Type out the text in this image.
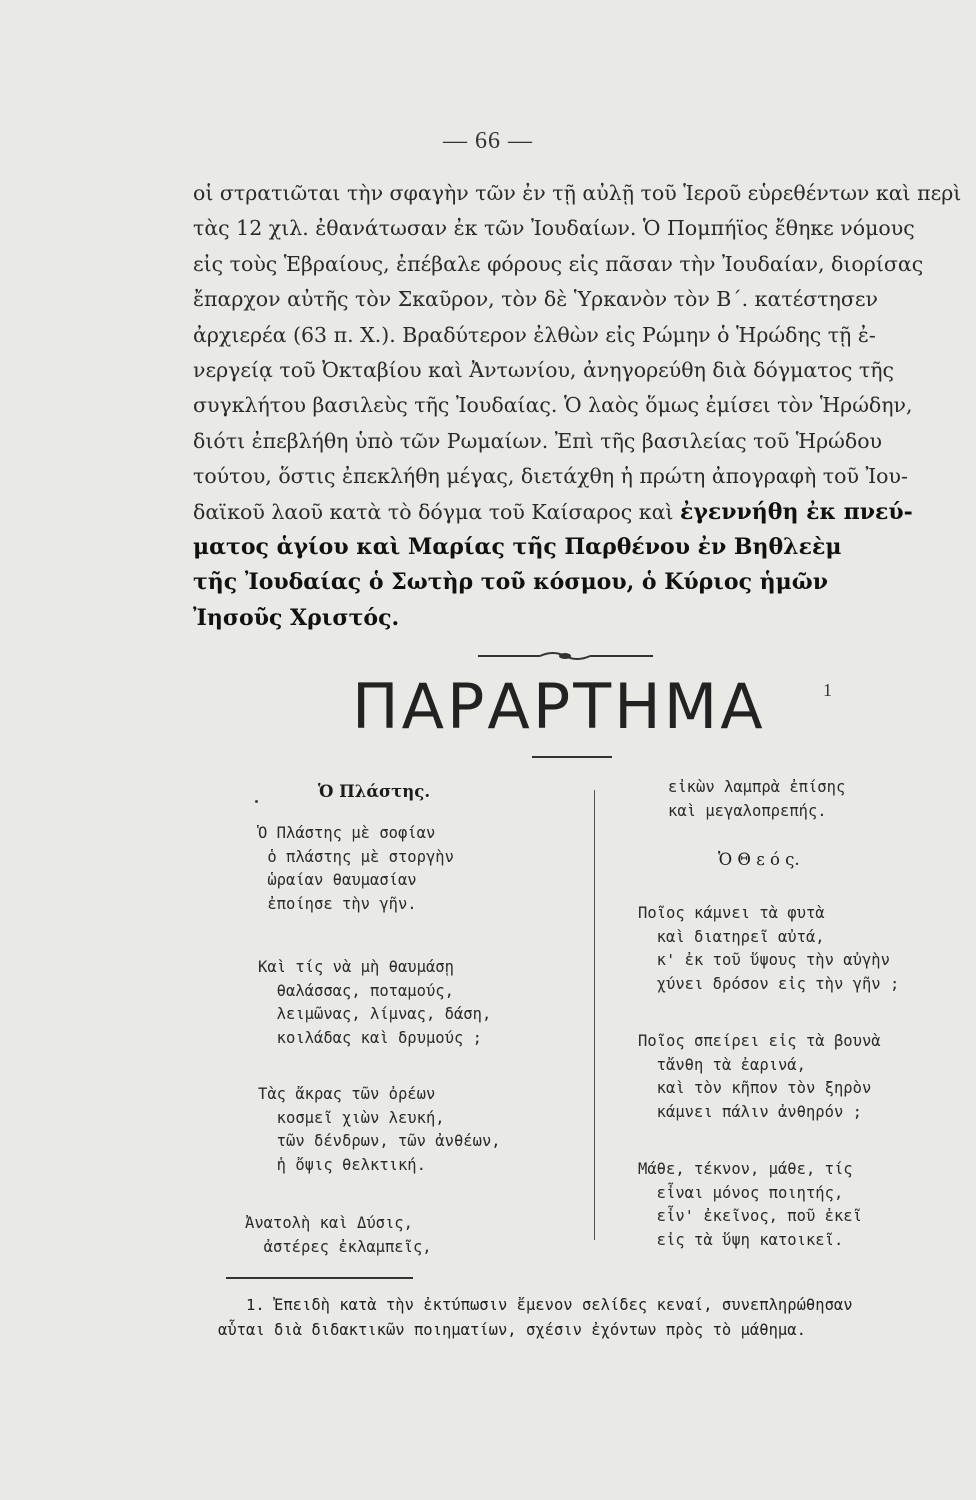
— 66 —
οἱ στρατιῶται τὴν σφαγὴν τῶν ἐν τῇ αὐλῇ τοῦ Ἱεροῦ εὑρεθέντων καὶ περὶ
τὰς 12 χιλ. ἐθανάτωσαν ἐκ τῶν Ἰουδαίων. Ὁ Πομπήϊος ἔθηκε νόμους
εἰς τοὺς Ἑβραίους, ἐπέβαλε φόρους εἰς πᾶσαν τὴν Ἰουδαίαν, διορίσας
ἔπαρχον αὐτῆς τὸν Σκαῦρον, τὸν δὲ Ὑρκανὸν τὸν Β΄. κατέστησεν
ἀρχιερέα (63 π. Χ.). Βραδύτερον ἐλθὼν εἰς Ρώμην ὁ Ἡρώδης τῇ ἐ-
νεργείᾳ τοῦ Ὀκταβίου καὶ Ἀντωνίου, ἀνηγορεύθη διὰ δόγματος τῆς
συγκλήτου βασιλεὺς τῆς Ἰουδαίας. Ὁ λαὸς ὅμως ἐμίσει τὸν Ἡρώδην,
διότι ἐπεβλήθη ὑπὸ τῶν Ρωμαίων. Ἐπὶ τῆς βασιλείας τοῦ Ἡρώδου
τούτου, ὅστις ἐπεκλήθη μέγας, διετάχθη ἡ πρώτη ἀπογραφὴ τοῦ Ἰου-
δαϊκοῦ λαοῦ κατὰ τὸ δόγμα τοῦ Καίσαρος καὶ ἐγεννήθη ἐκ πνεύ-
ματος ἁγίου καὶ Μαρίας τῆς Παρθένου ἐν Βηθλεὲμ
τῆς Ἰουδαίας ὁ Σωτὴρ τοῦ κόσμου, ὁ Κύριος ἡμῶν
Ἰησοῦς Χριστός.
ΠΑΡΑΡΤΗΜΑ	1
Ὁ Πλάστης.
Ὁ Πλάστης μὲ σοφίαν
ὁ πλάστης μὲ στοργὴν
ὡραίαν θαυμασίαν
ἐποίησε τὴν γῆν.
Καὶ τίς νὰ μὴ θαυμάσῃ
θαλάσσας, ποταμούς,
λειμῶνας, λίμνας, δάση,
κοιλάδας καὶ δρυμούς ;
Τὰς ἄκρας τῶν ὀρέων
κοσμεῖ χιὼν λευκή,
τῶν δένδρων, τῶν ἀνθέων,
ἡ ὄψις θελκτική.
Ἀνατολὴ καὶ Δύσις,
ἀστέρες ἐκλαμπεῖς,
εἰκὼν λαμπρὰ ἐπίσης
καὶ μεγαλοπρεπής.
Ὁ Θ ε ό ς.
Ποῖος κάμνει τὰ φυτὰ
καὶ διατηρεῖ αὐτά,
κ' ἐκ τοῦ ὕψους τὴν αὐγὴν
χύνει δρόσον εἰς τὴν γῆν ;
Ποῖος σπείρει εἰς τὰ βουνὰ
τἄνθη τὰ ἐαρινά,
καὶ τὸν κῆπον τὸν ξηρὸν
κάμνει πάλιν ἀνθηρόν ;
Μάθε, τέκνον, μάθε, τίς
εἶναι μόνος ποιητής,
εἶν' ἐκεῖνος, ποῦ ἐκεῖ
εἰς τὰ ὕψη κατοικεῖ.
1. Ἐπειδὴ κατὰ τὴν ἐκτύπωσιν ἔμενον σελίδες κεναί, συνεπληρώθησαν
αὗται διὰ διδακτικῶν ποιηματίων, σχέσιν ἐχόντων πρὸς τὸ μάθημα.
